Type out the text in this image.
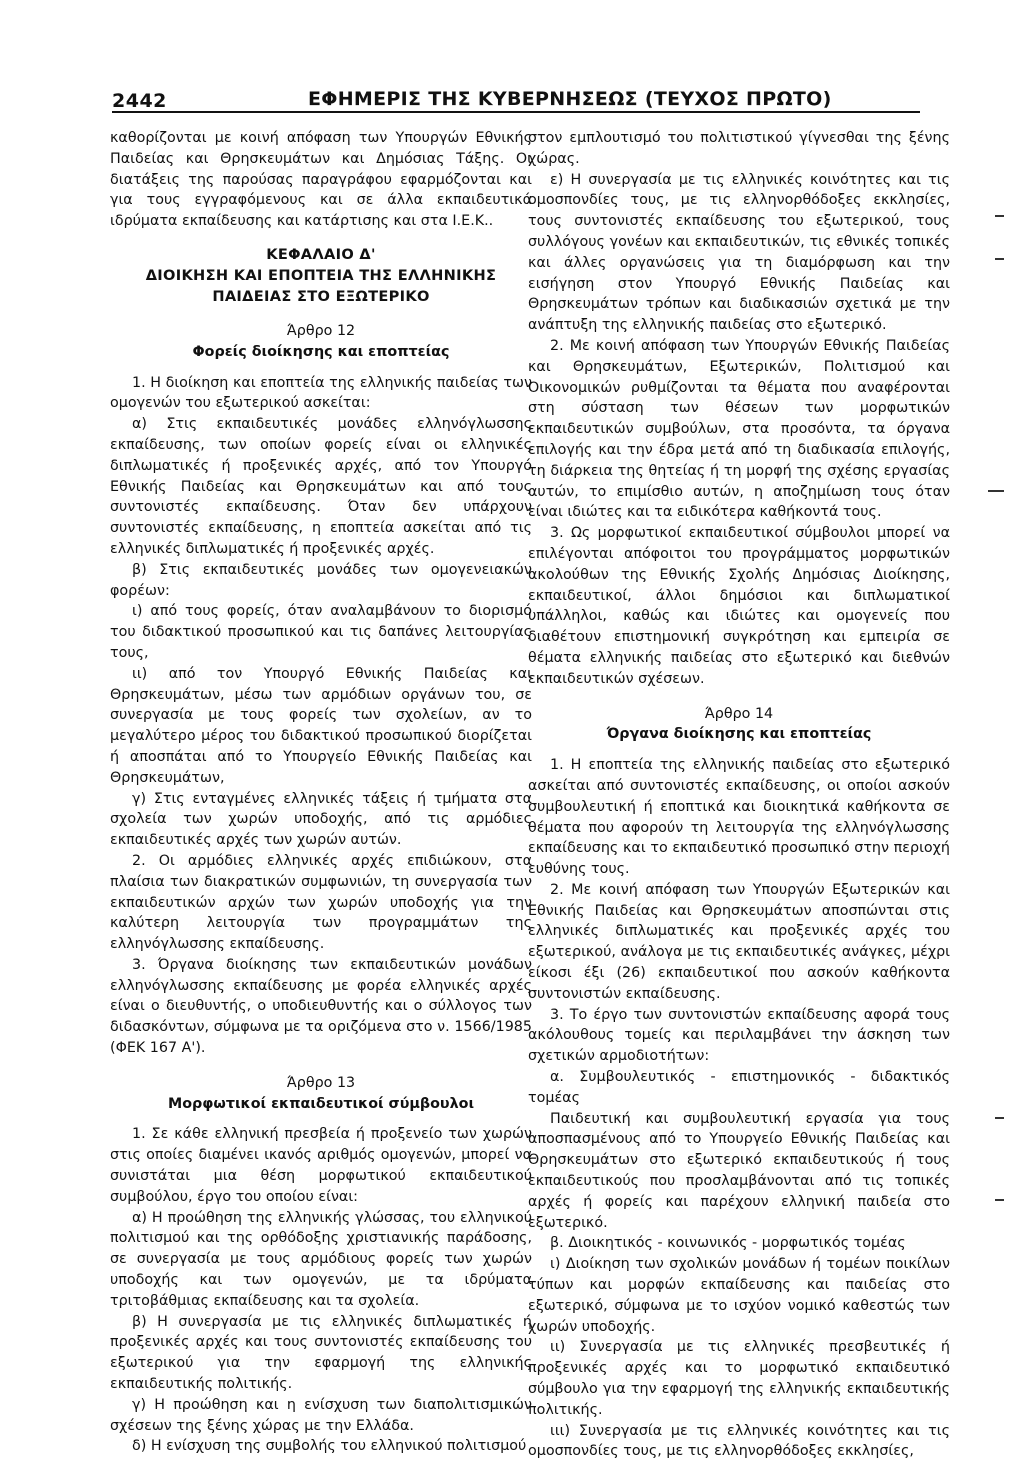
2442	ΕΦΗΜΕΡΙΣ ΤΗΣ ΚΥΒΕΡΝΗΣΕΩΣ (ΤΕΥΧΟΣ ΠΡΩΤΟ)

καθορίζονται με κοινή απόφαση των Υπουργών Εθνικής Παιδείας και Θρησκευμάτων και Δημόσιας Τάξης. Οι διατάξεις της παρούσας παραγράφου εφαρμόζονται και για τους εγγραφόμενους και σε άλλα εκπαιδευτικά ιδρύματα εκπαίδευσης και κατάρτισης και στα Ι.Ε.Κ..

ΚΕΦΑΛΑΙΟ Δ'
ΔΙΟΙΚΗΣΗ ΚΑΙ ΕΠΟΠΤΕΙΑ ΤΗΣ ΕΛΛΗΝΙΚΗΣ
ΠΑΙΔΕΙΑΣ ΣΤΟ ΕΞΩΤΕΡΙΚΟ
Άρθρο 12
Φορείς διοίκησης και εποπτείας

1. Η διοίκηση και εποπτεία της ελληνικής παιδείας των ομογενών του εξωτερικού ασκείται:

α) Στις εκπαιδευτικές μονάδες ελληνόγλωσσης εκπαίδευσης, των οποίων φορείς είναι οι ελληνικές διπλωματικές ή προξενικές αρχές, από τον Υπουργό Εθνικής Παιδείας και Θρησκευμάτων και από τους συντονιστές εκπαίδευσης. Όταν δεν υπάρχουν συντονιστές εκπαίδευσης, η εποπτεία ασκείται από τις ελληνικές διπλωματικές ή προξενικές αρχές.

β) Στις εκπαιδευτικές μονάδες των ομογενειακών φορέων:

ι) από τους φορείς, όταν αναλαμβάνουν το διορισμό του διδακτικού προσωπικού και τις δαπάνες λειτουργίας τους,

ιι) από τον Υπουργό Εθνικής Παιδείας και Θρησκευμάτων, μέσω των αρμόδιων οργάνων του, σε συνεργασία με τους φορείς των σχολείων, αν το μεγαλύτερο μέρος του διδακτικού προσωπικού διορίζεται ή αποσπάται από το Υπουργείο Εθνικής Παιδείας και Θρησκευμάτων,

γ) Στις ενταγμένες ελληνικές τάξεις ή τμήματα στα σχολεία των χωρών υποδοχής, από τις αρμόδιες εκπαιδευτικές αρχές των χωρών αυτών.

2. Οι αρμόδιες ελληνικές αρχές επιδιώκουν, στα πλαίσια των διακρατικών συμφωνιών, τη συνεργασία των εκπαιδευτικών αρχών των χωρών υποδοχής για την καλύτερη λειτουργία των προγραμμάτων της ελληνόγλωσσης εκπαίδευσης.

3. Όργανα διοίκησης των εκπαιδευτικών μονάδων ελληνόγλωσσης εκπαίδευσης με φορέα ελληνικές αρχές είναι ο διευθυντής, ο υποδιευθυντής και ο σύλλογος των διδασκόντων, σύμφωνα με τα οριζόμενα στο ν. 1566/1985 (ΦΕΚ 167 Α').

Άρθρο 13
Μορφωτικοί εκπαιδευτικοί σύμβουλοι

1. Σε κάθε ελληνική πρεσβεία ή προξενείο των χωρών στις οποίες διαμένει ικανός αριθμός ομογενών, μπορεί να συνιστάται μια θέση μορφωτικού εκπαιδευτικού συμβούλου, έργο του οποίου είναι:

α) Η προώθηση της ελληνικής γλώσσας, του ελληνικού πολιτισμού και της ορθόδοξης χριστιανικής παράδοσης, σε συνεργασία με τους αρμόδιους φορείς των χωρών υποδοχής και των ομογενών, με τα ιδρύματα τριτοβάθμιας εκπαίδευσης και τα σχολεία.

β) Η συνεργασία με τις ελληνικές διπλωματικές ή προξενικές αρχές και τους συντονιστές εκπαίδευσης του εξωτερικού για την εφαρμογή της ελληνικής εκπαιδευτικής πολιτικής.

γ) Η προώθηση και η ενίσχυση των διαπολιτισμικών σχέσεων της ξένης χώρας με την Ελλάδα.

δ) Η ενίσχυση της συμβολής του ελληνικού πολιτισμού

στον εμπλουτισμό του πολιτιστικού γίγνεσθαι της ξένης χώρας.

ε) Η συνεργασία με τις ελληνικές κοινότητες και τις ομοσπονδίες τους, με τις ελληνορθόδοξες εκκλησίες, τους συντονιστές εκπαίδευσης του εξωτερικού, τους συλλόγους γονέων και εκπαιδευτικών, τις εθνικές τοπικές και άλλες οργανώσεις για τη διαμόρφωση και την εισήγηση στον Υπουργό Εθνικής Παιδείας και Θρησκευμάτων τρόπων και διαδικασιών σχετικά με την ανάπτυξη της ελληνικής παιδείας στο εξωτερικό.

2. Με κοινή απόφαση των Υπουργών Εθνικής Παιδείας και Θρησκευμάτων, Εξωτερικών, Πολιτισμού και Οικονομικών ρυθμίζονται τα θέματα που αναφέρονται στη σύσταση των θέσεων των μορφωτικών εκπαιδευτικών συμβούλων, στα προσόντα, τα όργανα επιλογής και την έδρα μετά από τη διαδικασία επιλογής, τη διάρκεια της θητείας ή τη μορφή της σχέσης εργασίας αυτών, το επιμίσθιο αυτών, η αποζημίωση τους όταν είναι ιδιώτες και τα ειδικότερα καθήκοντά τους.

3. Ως μορφωτικοί εκπαιδευτικοί σύμβουλοι μπορεί να επιλέγονται απόφοιτοι του προγράμματος μορφωτικών ακολούθων της Εθνικής Σχολής Δημόσιας Διοίκησης, εκπαιδευτικοί, άλλοι δημόσιοι και διπλωματικοί υπάλληλοι, καθώς και ιδιώτες και ομογενείς που διαθέτουν επιστημονική συγκρότηση και εμπειρία σε θέματα ελληνικής παιδείας στο εξωτερικό και διεθνών εκπαιδευτικών σχέσεων.

Άρθρο 14
Όργανα διοίκησης και εποπτείας

1. Η εποπτεία της ελληνικής παιδείας στο εξωτερικό ασκείται από συντονιστές εκπαίδευσης, οι οποίοι ασκούν συμβουλευτική ή εποπτικά και διοικητικά καθήκοντα σε θέματα που αφορούν τη λειτουργία της ελληνόγλωσσης εκπαίδευσης και το εκπαιδευτικό προσωπικό στην περιοχή ευθύνης τους.

2. Με κοινή απόφαση των Υπουργών Εξωτερικών και Εθνικής Παιδείας και Θρησκευμάτων αποσπώνται στις ελληνικές διπλωματικές και προξενικές αρχές του εξωτερικού, ανάλογα με τις εκπαιδευτικές ανάγκες, μέχρι είκοσι έξι (26) εκπαιδευτικοί που ασκούν καθήκοντα συντονιστών εκπαίδευσης.

3. Το έργο των συντονιστών εκπαίδευσης αφορά τους ακόλουθους τομείς και περιλαμβάνει την άσκηση των σχετικών αρμοδιοτήτων:

α. Συμβουλευτικός - επιστημονικός - διδακτικός τομέας

Παιδευτική και συμβουλευτική εργασία για τους αποσπασμένους από το Υπουργείο Εθνικής Παιδείας και Θρησκευμάτων στο εξωτερικό εκπαιδευτικούς ή τους εκπαιδευτικούς που προσλαμβάνονται από τις τοπικές αρχές ή φορείς και παρέχουν ελληνική παιδεία στο εξωτερικό.

β. Διοικητικός - κοινωνικός - μορφωτικός τομέας

ι) Διοίκηση των σχολικών μονάδων ή τομέων ποικίλων τύπων και μορφών εκπαίδευσης και παιδείας στο εξωτερικό, σύμφωνα με το ισχύον νομικό καθεστώς των χωρών υποδοχής.

ιι) Συνεργασία με τις ελληνικές πρεσβευτικές ή προξενικές αρχές και το μορφωτικό εκπαιδευτικό σύμβουλο για την εφαρμογή της ελληνικής εκπαιδευτικής πολιτικής.

ιιι) Συνεργασία με τις ελληνικές κοινότητες και τις ομοσπονδίες τους, με τις ελληνορθόδοξες εκκλησίες,
